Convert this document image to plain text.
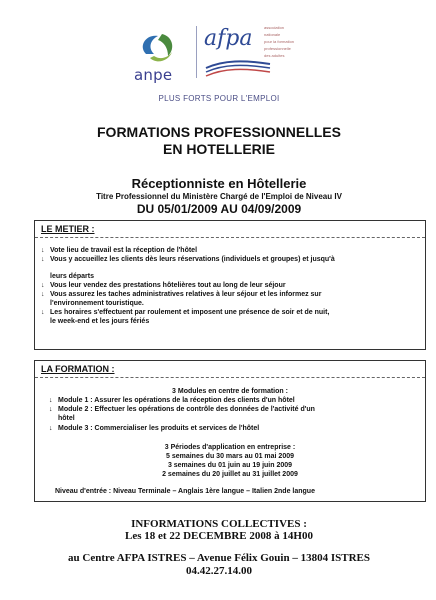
anpe
afpa	association
nationale
pour la formation
professionnelle
des adultes
PLUS FORTS POUR L'EMPLOI
FORMATIONS PROFESSIONNELLES
EN HOTELLERIE
Réceptionniste en Hôtellerie
Titre Professionnel du Ministère Chargé de l'Emploi de Niveau IV
DU 05/01/2009 AU 04/09/2009
LE METIER :
↓ Vote lieu de travail est la réception de l'hôtel
↓ Vous y accueillez les clients dès leurs réservations (individuels et groupes) et jusqu'à
leurs départs
↓ Vous leur vendez des prestations hôtelières tout au long de leur séjour
↓ Vous assurez les taches administratives relatives à leur séjour et les informez sur
l'environnement touristique.
↓ Les horaires s'effectuent par roulement et imposent une présence de soir et de nuit,
le week-end et les jours fériés
LA FORMATION :
3 Modules en centre de formation :
↓ Module 1 : Assurer les opérations de la réception des clients d'un hôtel
↓ Module 2 : Effectuer les opérations de contrôle des données de l'activité d'un
hôtel
↓ Module 3 : Commercialiser les produits et services de l'hôtel
3 Périodes d'application en entreprise :
5 semaines du 30 mars au 01 mai 2009
3 semaines du 01 juin au 19 juin 2009
2 semaines du 20 juillet au 31 juillet 2009
Niveau d'entrée : Niveau Terminale – Anglais 1ère langue – Italien 2nde langue
INFORMATIONS COLLECTIVES :
Les 18 et 22 DECEMBRE 2008 à 14H00
au Centre AFPA ISTRES – Avenue Félix Gouin – 13804 ISTRES
04.42.27.14.00
